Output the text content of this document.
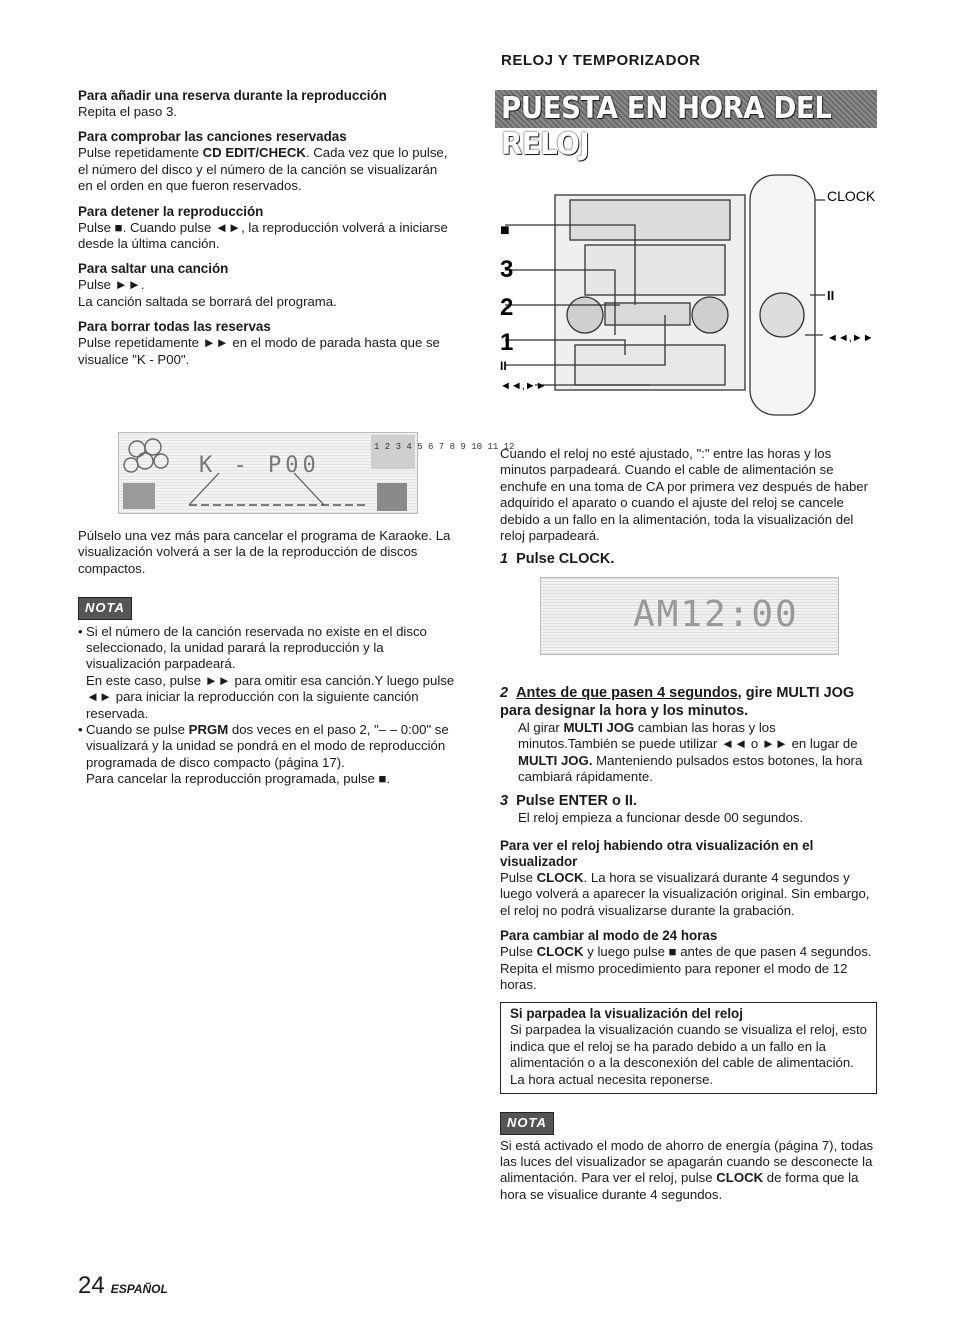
RELOJ Y TEMPORIZADOR
PUESTA EN HORA DEL RELOJ
Para añadir una reserva durante la reproducción

Repita el paso 3.

Para comprobar las canciones reservadas

Pulse repetidamente CD EDIT/CHECK. Cada vez que lo pulse, el número del disco y el número de la canción se visualizarán en el orden en que fueron reservados.

Para detener la reproducción

Pulse ■. Cuando pulse ◄►, la reproducción volverá a iniciarse desde la última canción.

Para saltar una canción

Pulse ►►.

La canción saltada se borrará del programa.

Para borrar todas las reservas

Pulse repetidamente ►► en el modo de parada hasta que se visualice "K - P00".

1 2 3 4 5 6 7 8 9 10 11 12
K - P00

Púlselo una vez más para cancelar el programa de Karaoke. La visualización volverá a ser la de la reproducción de discos compactos.

NOTA
• Si el número de la canción reservada no existe en el disco seleccionado, la unidad parará la reproducción y la visualización parpadeará.
En este caso, pulse ►► para omitir esa canción.Y luego pulse ◄► para iniciar la reproducción con la siguiente canción reservada.
• Cuando se pulse PRGM dos veces en el paso 2, "– – 0:00" se visualizará y la unidad se pondrá en el modo de reproducción programada de disco compacto (página 17).
Para cancelar la reproducción programada, pulse ■.
■
3
2
1
II
◄◄,►►
CLOCK
II
◄◄,►►

Cuando el reloj no esté ajustado, ":" entre las horas y los minutos parpadeará. Cuando el cable de alimentación se enchufe en una toma de CA por primera vez después de haber adquirido el aparato o cuando el ajuste del reloj se cancele debido a un fallo en la alimentación, toda la visualización del reloj parpadeará.

1 Pulse CLOCK.
AM12:00
2 Antes de que pasen 4 segundos, gire MULTI JOG para designar la hora y los minutos.

Al girar MULTI JOG cambian las horas y los minutos.También se puede utilizar ◄◄ o ►► en lugar de MULTI JOG. Manteniendo pulsados estos botones, la hora cambiará rápidamente.

3 Pulse ENTER o II.

El reloj empieza a funcionar desde 00 segundos.

Para ver el reloj habiendo otra visualización en el visualizador

Pulse CLOCK. La hora se visualizará durante 4 segundos y luego volverá a aparecer la visualización original. Sin embargo, el reloj no podrá visualizarse durante la grabación.

Para cambiar al modo de 24 horas

Pulse CLOCK y luego pulse ■ antes de que pasen 4 segundos. Repita el mismo procedimiento para reponer el modo de 12 horas.

Si parpadea la visualización del reloj

Si parpadea la visualización cuando se visualiza el reloj, esto indica que el reloj se ha parado debido a un fallo en la alimentación o a la desconexión del cable de alimentación. La hora actual necesita reponerse.

NOTA

Si está activado el modo de ahorro de energía (página 7), todas las luces del visualizador se apagarán cuando se desconecte la alimentación. Para ver el reloj, pulse CLOCK de forma que la hora se visualice durante 4 segundos.

24 ESPAÑOL
